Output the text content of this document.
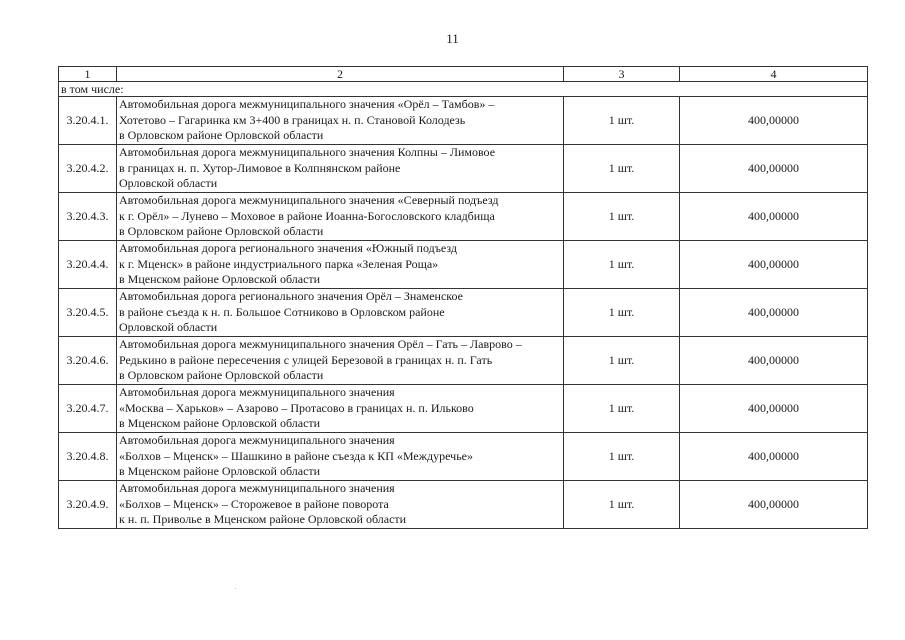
11
1	2	3	4
в том числе:			
3.20.4.1.	Автомобильная дорога межмуниципального значения «Орёл – Тамбов» –
Хотетово – Гагаринка км 3+400 в границах н. п. Становой Колодезь
в Орловском районе Орловской области	1 шт.	400,00000
3.20.4.2.	Автомобильная дорога межмуниципального значения Колпны – Лимовое
в границах н. п. Хутор-Лимовое в Колпнянском районе
Орловской области	1 шт.	400,00000
3.20.4.3.	Автомобильная дорога межмуниципального значения «Северный подъезд
к г. Орёл» – Лунево – Моховое в районе Иоанна-Богословского кладбища
в Орловском районе Орловской области	1 шт.	400,00000
3.20.4.4.	Автомобильная дорога регионального значения «Южный подъезд
к г. Мценск» в районе индустриального парка «Зеленая Роща»
в Мценском районе Орловской области	1 шт.	400,00000
3.20.4.5.	Автомобильная дорога регионального значения Орёл – Знаменское
в районе съезда к н. п. Большое Сотниково в Орловском районе
Орловской области	1 шт.	400,00000
3.20.4.6.	Автомобильная дорога межмуниципального значения Орёл – Гать – Лаврово –
Редькино в районе пересечения с улицей Березовой в границах н. п. Гать
в Орловском районе Орловской области	1 шт.	400,00000
3.20.4.7.	Автомобильная дорога межмуниципального значения
«Москва – Харьков» – Азарово – Протасово в границах н. п. Ильково
в Мценском районе Орловской области	1 шт.	400,00000
3.20.4.8.	Автомобильная дорога межмуниципального значения
«Болхов – Мценск» – Шашкино в районе съезда к КП «Междуречье»
в Мценском районе Орловской области	1 шт.	400,00000
3.20.4.9.	Автомобильная дорога межмуниципального значения
«Болхов – Мценск» – Сторожевое в районе поворота
к н. п. Приволье в Мценском районе Орловской области	1 шт.	400,00000
